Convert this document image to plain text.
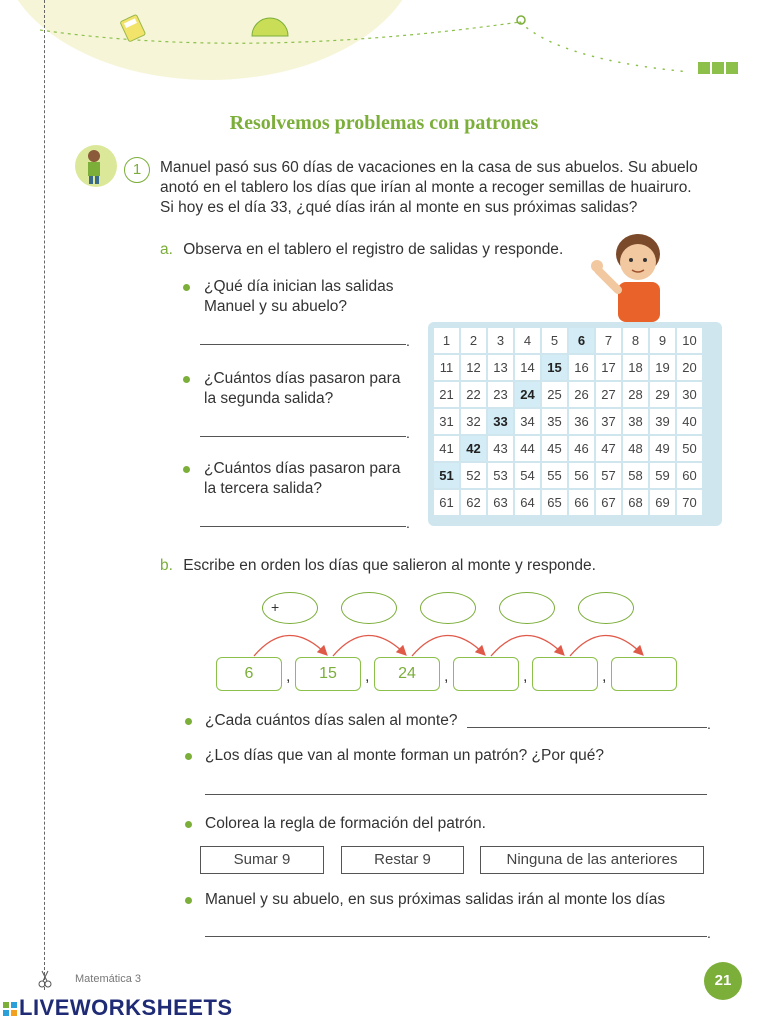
Resolvemos problemas con patrones
1	Manuel pasó sus 60 días de vacaciones en la casa de sus abuelos. Su abuelo
anotó en el tablero los días que irían al monte a recoger semillas de huairuro.
Si hoy es el día 33, ¿qué días irán al monte en sus próximas salidas?
a. Observa en el tablero el registro de salidas y responde.
¿Qué día inician las salidas
Manuel y su abuelo?
.
¿Cuántos días pasaron para
la segunda salida?
.
¿Cuántos días pasaron para
la tercera salida?
.
1	2	3	4	5	6	7	8	9	10
11	12	13	14	15	16	17	18	19	20
21	22	23	24	25	26	27	28	29	30
31	32	33	34	35	36	37	38	39	40
41	42	43	44	45	46	47	48	49	50
51	52	53	54	55	56	57	58	59	60
61	62	63	64	65	66	67	68	69	70
b. Escribe en orden los días que salieron al monte y responde.
+
6	,	15	,	24	,	,	,
¿Cada cuántos días salen al monte?	.
¿Los días que van al monte forman un patrón? ¿Por qué?
Colorea la regla de formación del patrón.
Sumar 9	Restar 9	Ninguna de las anteriores
Manuel y su abuelo, en sus próximas salidas irán al monte los días
.
Matemática 3	21
LIVEWORKSHEETS
